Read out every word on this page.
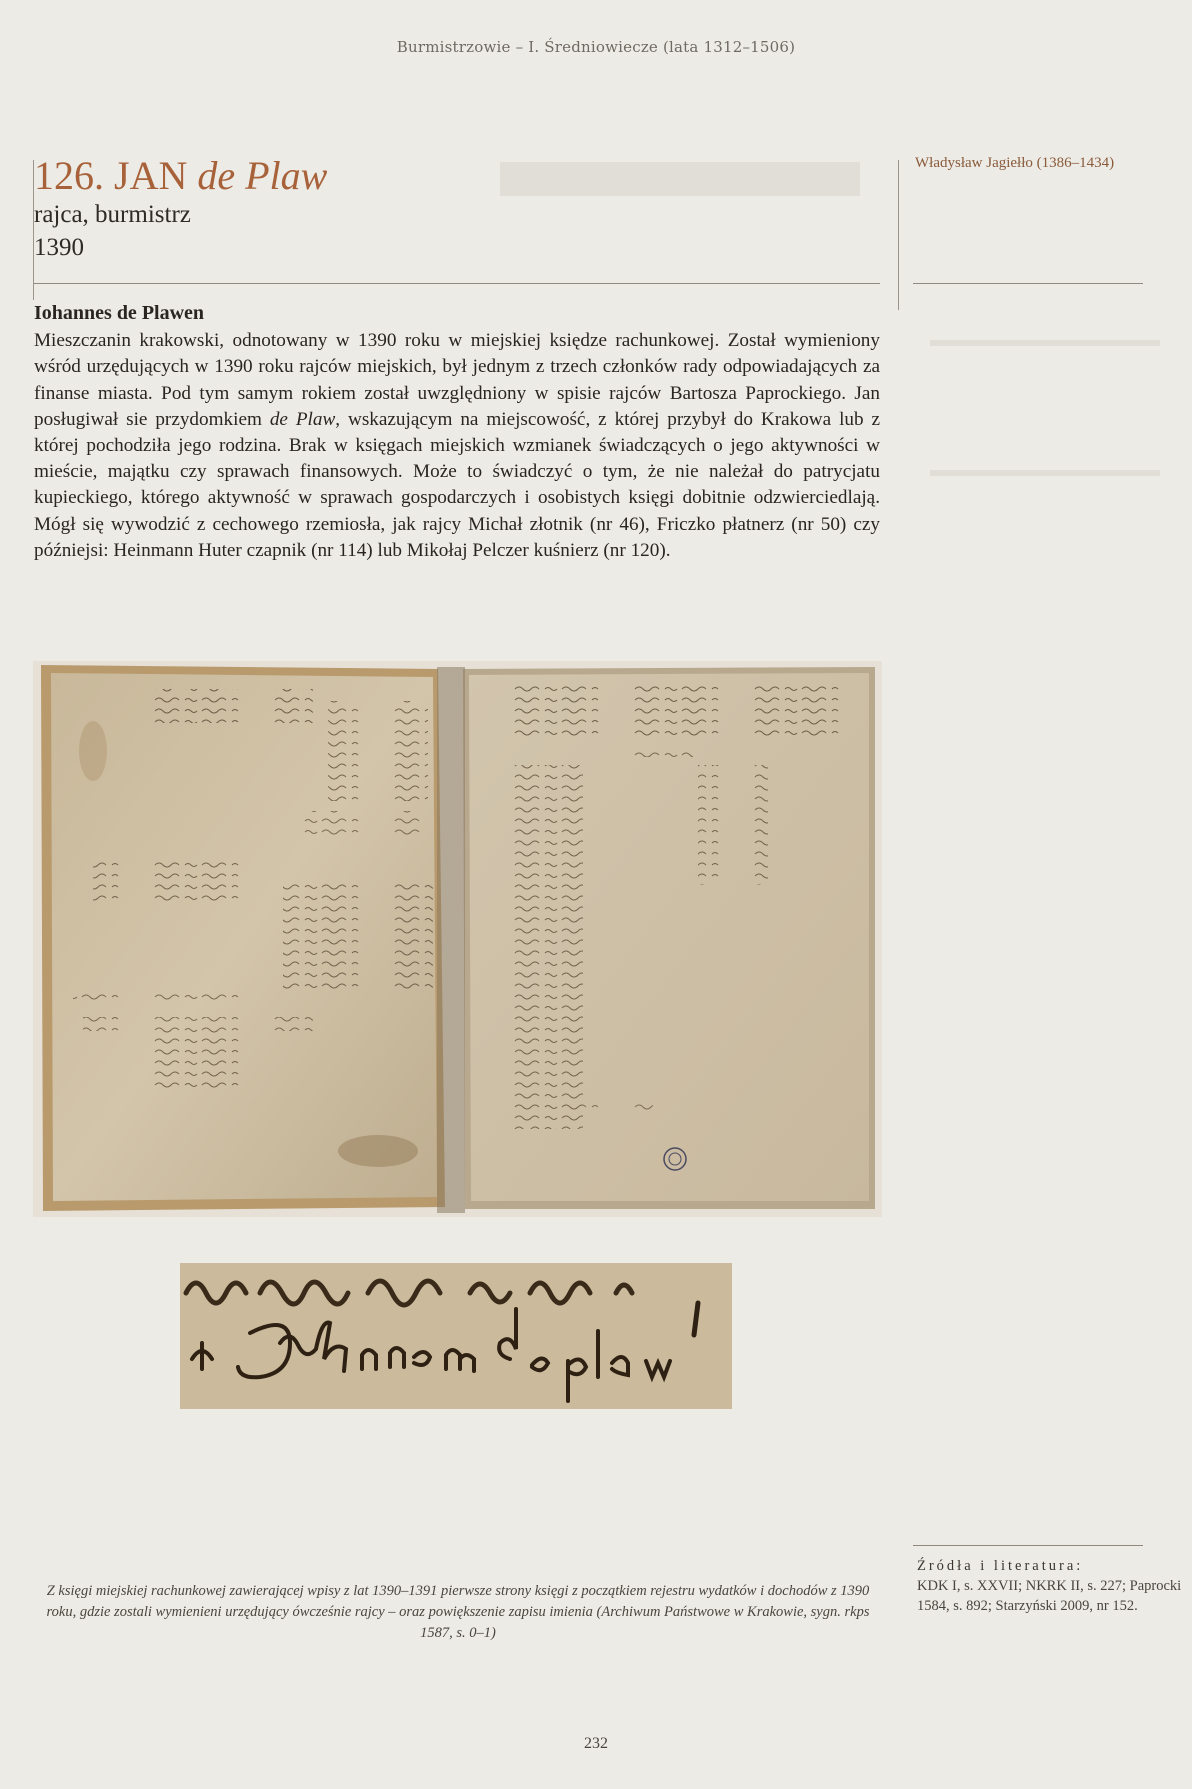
Burmistrzowie – I. Średniowiecze (lata 1312–1506)
126. JAN de Plaw
rajca, burmistrz
1390
Władysław Jagiełło (1386–1434)
Iohannes de Plawen
Mieszczanin krakowski, odnotowany w 1390 roku w miejskiej księdze rachunkowej. Został wymieniony wśród urzędujących w 1390 roku rajców miejskich, był jednym z trzech członków rady odpowiadających za finanse miasta. Pod tym samym rokiem został uwzględniony w spisie rajców Bartosza Paprockiego. Jan posługiwał sie przydomkiem de Plaw, wskazującym na miejscowość, z której przybył do Krakowa lub z której pochodziła jego rodzina. Brak w księgach miejskich wzmianek świadczących o jego aktywności w mieście, majątku czy sprawach finansowych. Może to świadczyć o tym, że nie należał do patrycjatu kupieckiego, którego aktywność w sprawach gospodarczych i osobistych księgi dobitnie odzwierciedlają. Mógł się wywodzić z cechowego rzemiosła, jak rajcy Michał złotnik (nr 46), Friczko płatnerz (nr 50) czy późniejsi: Heinmann Huter czapnik (nr 114) lub Mikołaj Pelczer kuśnierz (nr 120).
Z księgi miejskiej rachunkowej zawierającej wpisy z lat 1390–1391 pierwsze strony księgi z początkiem rejestru wydatków i dochodów z 1390 roku, gdzie zostali wymienieni urzędujący ówcześnie rajcy – oraz powiększenie zapisu imienia (Archiwum Państwowe w Krakowie, sygn. rkps 1587, s. 0–1)
Źródła i literatura:
KDK I, s. XXVII; NKRK II, s. 227; Paprocki 1584, s. 892; Starzyński 2009, nr 152.
232
